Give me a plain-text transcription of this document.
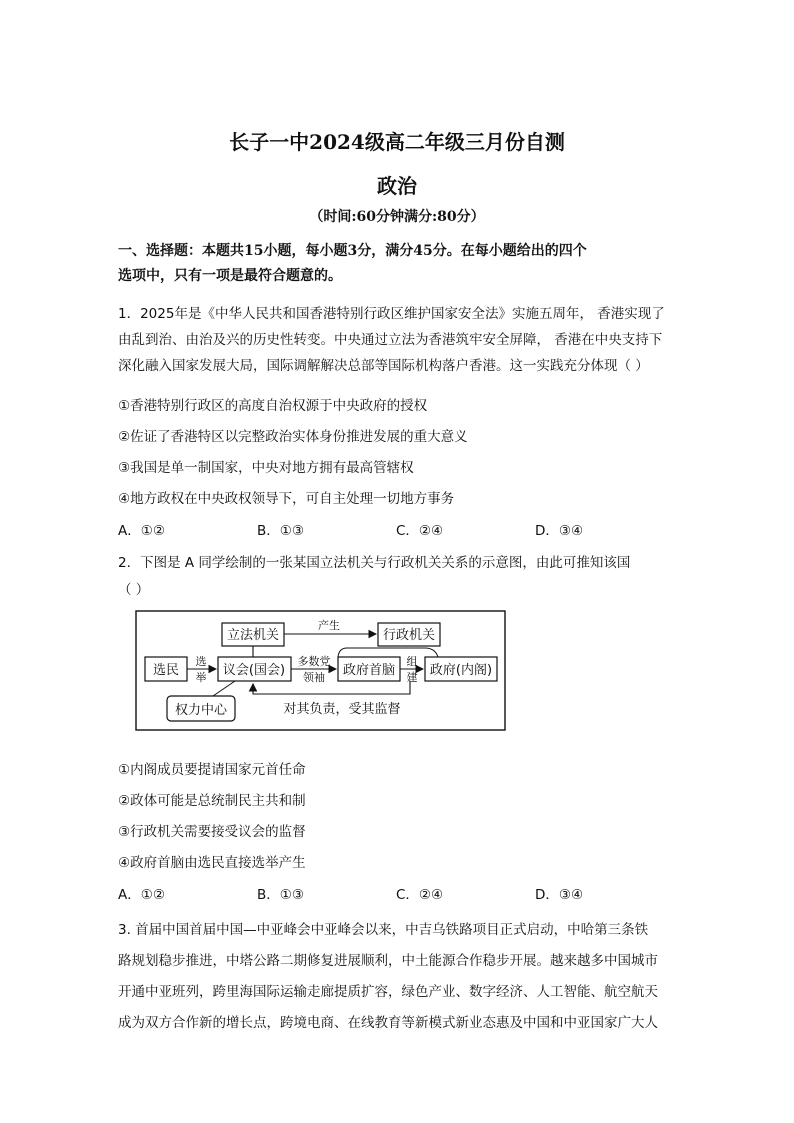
长子一中2024级高二年级三月份自测
政治
（时间:60分钟满分:80分）
一、选择题：本题共15小题，每小题3分，满分45分。在每小题给出的四个
选项中，只有一项是最符合题意的。
1．2025年是《中华人民共和国香港特别行政区维护国家安全法》实施五周年， 香港实现了
由乱到治、由治及兴的历史性转变。中央通过立法为香港筑牢安全屏障， 香港在中央支持下
深化融入国家发展大局，国际调解解决总部等国际机构落户香港。这一实践充分体现（ ）
①香港特别行政区的高度自治权源于中央政府的授权
②佐证了香港特区以完整政治实体身份推进发展的重大意义
③我国是单一制国家，中央对地方拥有最高管辖权
④地方政权在中央政权领导下，可自主处理一切地方事务
A．①②	B．①③	C．②④	D．③④
2．下图是 A 同学绘制的一张某国立法机关与行政机关关系的示意图，由此可推知该国
（ ）
立法机关	行政机关
产生
选民
选
举 议会(国会)
多数党
领袖 政府首脑
组
建 政府(内阁)
权力中心	对其负责，受其监督
①内阁成员要提请国家元首任命
②政体可能是总统制民主共和制
③行政机关需要接受议会的监督
④政府首脑由选民直接选举产生
A．①②	B．①③	C．②④	D．③④
3. 首届中国首届中国—中亚峰会中亚峰会以来，中吉乌铁路项目正式启动，中哈第三条铁
路规划稳步推进，中塔公路二期修复进展顺利，中土能源合作稳步开展。越来越多中国城市
开通中亚班列，跨里海国际运输走廊提质扩容，绿色产业、数字经济、人工智能、航空航天
成为双方合作新的增长点，跨境电商、在线教育等新模式新业态惠及中国和中亚国家广大人
